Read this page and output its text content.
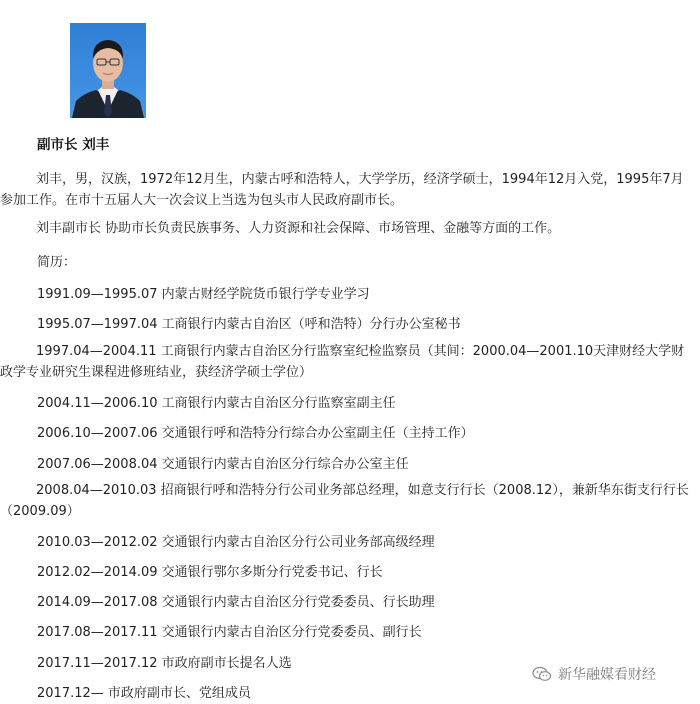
副市长 刘丰
刘丰，男，汉族，1972年12月生，内蒙古呼和浩特人，大学学历，经济学硕士，1994年12月入党，1995年7月参加工作。在市十五届人大一次会议上当选为包头市人民政府副市长。
刘丰副市长 协助市长负责民族事务、人力资源和社会保障、市场管理、金融等方面的工作。
简历：
1991.09—1995.07 内蒙古财经学院货币银行学专业学习
1995.07—1997.04 工商银行内蒙古自治区（呼和浩特）分行办公室秘书
1997.04—2004.11 工商银行内蒙古自治区分行监察室纪检监察员（其间：2000.04—2001.10天津财经大学财政学专业研究生课程进修班结业，获经济学硕士学位）
2004.11—2006.10 工商银行内蒙古自治区分行监察室副主任
2006.10—2007.06 交通银行呼和浩特分行综合办公室副主任（主持工作）
2007.06—2008.04 交通银行内蒙古自治区分行综合办公室主任
2008.04—2010.03 招商银行呼和浩特分行公司业务部总经理，如意支行行长（2008.12），兼新华东街支行行长（2009.09）
2010.03—2012.02 交通银行内蒙古自治区分行公司业务部高级经理
2012.02—2014.09 交通银行鄂尔多斯分行党委书记、行长
2014.09—2017.08 交通银行内蒙古自治区分行党委委员、行长助理
2017.08—2017.11 交通银行内蒙古自治区分行党委委员、副行长
2017.11—2017.12 市政府副市长提名人选
2017.12— 市政府副市长、党组成员
新华融媒看财经
